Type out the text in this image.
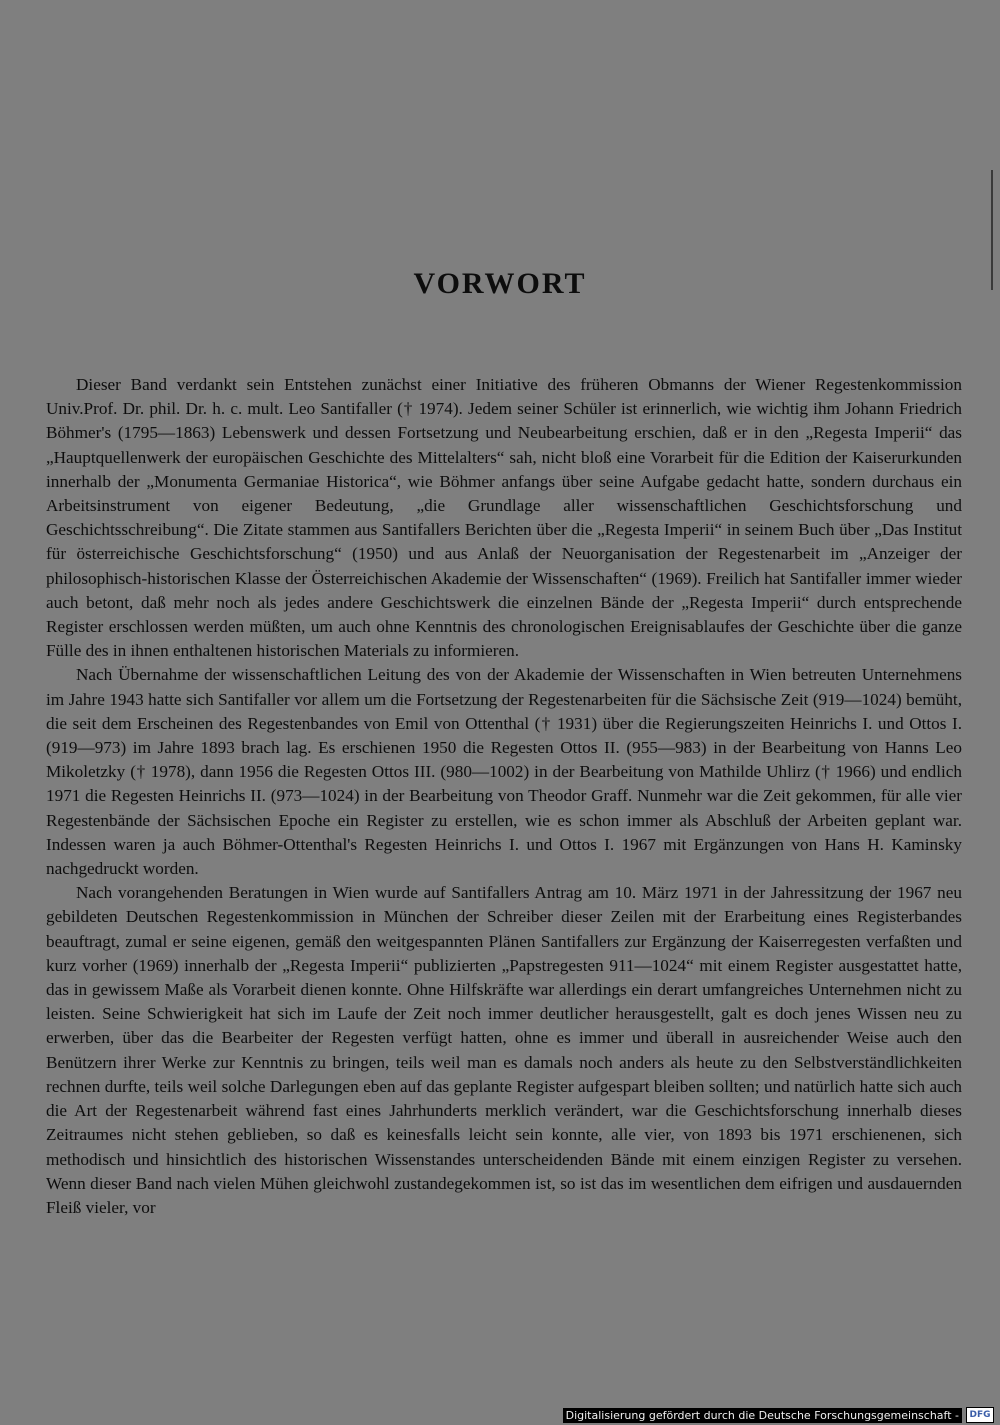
VORWORT

Dieser Band verdankt sein Entstehen zunächst einer Initiative des früheren Obmanns der Wiener Regestenkommission Univ.Prof. Dr. phil. Dr. h. c. mult. Leo Santifaller († 1974). Jedem seiner Schüler ist erinnerlich, wie wichtig ihm Johann Friedrich Böhmer's (1795—1863) Lebenswerk und dessen Fortsetzung und Neubearbeitung erschien, daß er in den „Regesta Imperii“ das „Hauptquellenwerk der europäischen Geschichte des Mittelalters“ sah, nicht bloß eine Vorarbeit für die Edition der Kaiserurkunden innerhalb der „Monumenta Germaniae Historica“, wie Böhmer anfangs über seine Aufgabe gedacht hatte, sondern durchaus ein Arbeitsinstrument von eigener Bedeutung, „die Grundlage aller wissenschaftlichen Geschichtsforschung und Geschichtsschreibung“. Die Zitate stammen aus Santifallers Berichten über die „Regesta Imperii“ in seinem Buch über „Das Institut für österreichische Geschichtsforschung“ (1950) und aus Anlaß der Neuorganisation der Regestenarbeit im „Anzeiger der philosophisch-historischen Klasse der Österreichischen Akademie der Wissenschaften“ (1969). Freilich hat Santifaller immer wieder auch betont, daß mehr noch als jedes andere Geschichtswerk die einzelnen Bände der „Regesta Imperii“ durch entsprechende Register erschlossen werden müßten, um auch ohne Kenntnis des chronologischen Ereignisablaufes der Geschichte über die ganze Fülle des in ihnen enthaltenen historischen Materials zu informieren.

Nach Übernahme der wissenschaftlichen Leitung des von der Akademie der Wissenschaften in Wien betreuten Unternehmens im Jahre 1943 hatte sich Santifaller vor allem um die Fortsetzung der Regestenarbeiten für die Sächsische Zeit (919—1024) bemüht, die seit dem Erscheinen des Regestenbandes von Emil von Ottenthal († 1931) über die Regierungszeiten Heinrichs I. und Ottos I. (919—973) im Jahre 1893 brach lag. Es erschienen 1950 die Regesten Ottos II. (955—983) in der Bearbeitung von Hanns Leo Mikoletzky († 1978), dann 1956 die Regesten Ottos III. (980—1002) in der Bearbeitung von Mathilde Uhlirz († 1966) und endlich 1971 die Regesten Heinrichs II. (973—1024) in der Bearbeitung von Theodor Graff. Nunmehr war die Zeit gekommen, für alle vier Regestenbände der Sächsischen Epoche ein Register zu erstellen, wie es schon immer als Abschluß der Arbeiten geplant war. Indessen waren ja auch Böhmer-Ottenthal's Regesten Heinrichs I. und Ottos I. 1967 mit Ergänzungen von Hans H. Kaminsky nachgedruckt worden.

Nach vorangehenden Beratungen in Wien wurde auf Santifallers Antrag am 10. März 1971 in der Jahressitzung der 1967 neu gebildeten Deutschen Regestenkommission in München der Schreiber dieser Zeilen mit der Erarbeitung eines Registerbandes beauftragt, zumal er seine eigenen, gemäß den weitgespannten Plänen Santifallers zur Ergänzung der Kaiserregesten verfaßten und kurz vorher (1969) innerhalb der „Regesta Imperii“ publizierten „Papstregesten 911—1024“ mit einem Register ausgestattet hatte, das in gewissem Maße als Vorarbeit dienen konnte. Ohne Hilfskräfte war allerdings ein derart umfangreiches Unternehmen nicht zu leisten. Seine Schwierigkeit hat sich im Laufe der Zeit noch immer deutlicher herausgestellt, galt es doch jenes Wissen neu zu erwerben, über das die Bearbeiter der Regesten verfügt hatten, ohne es immer und überall in ausreichender Weise auch den Benützern ihrer Werke zur Kenntnis zu bringen, teils weil man es damals noch anders als heute zu den Selbstverständlichkeiten rechnen durfte, teils weil solche Darlegungen eben auf das geplante Register aufgespart bleiben sollten; und natürlich hatte sich auch die Art der Regestenarbeit während fast eines Jahrhunderts merklich verändert, war die Geschichtsforschung innerhalb dieses Zeitraumes nicht stehen geblieben, so daß es keinesfalls leicht sein konnte, alle vier, von 1893 bis 1971 erschienenen, sich methodisch und hinsichtlich des historischen Wissenstandes unterscheidenden Bände mit einem einzigen Register zu versehen. Wenn dieser Band nach vielen Mühen gleichwohl zustandegekommen ist, so ist das im wesentlichen dem eifrigen und ausdauernden Fleiß vieler, vor

Digitalisierung gefördert durch die Deutsche Forschungsgemeinschaft -	DFG
